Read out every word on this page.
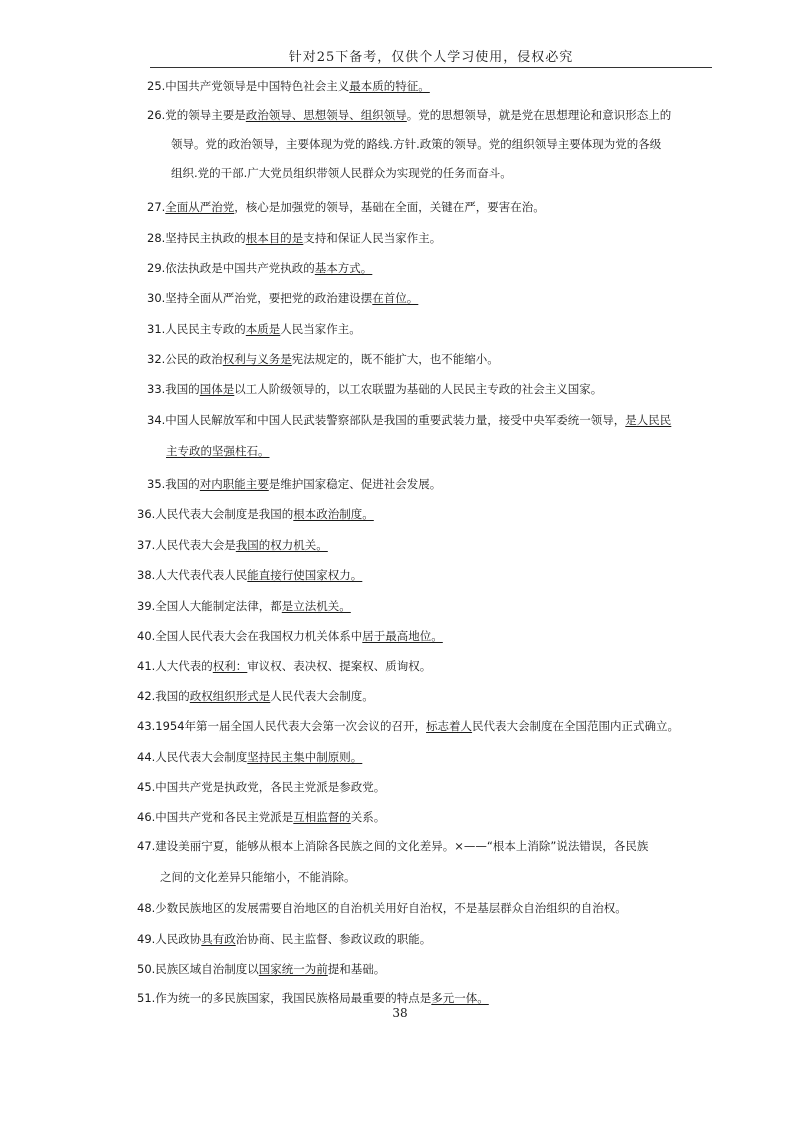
针对25下备考，仅供个人学习使用，侵权必究
25.中国共产党领导是中国特色社会主义最本质的特征。
26.党的领导主要是政治领导、思想领导、组织领导。党的思想领导，就是党在思想理论和意识形态上的
领导。党的政治领导，主要体现为党的路线.方针.政策的领导。党的组织领导主要体现为党的各级
组织.党的干部.广大党员组织带领人民群众为实现党的任务而奋斗。
27.全面从严治党，核心是加强党的领导，基础在全面，关键在严，要害在治。
28.坚持民主执政的根本目的是支持和保证人民当家作主。
29.依法执政是中国共产党执政的基本方式。
30.坚持全面从严治党，要把党的政治建设摆在首位。
31.人民民主专政的本质是人民当家作主。
32.公民的政治权利与义务是宪法规定的，既不能扩大，也不能缩小。
33.我国的国体是以工人阶级领导的，以工农联盟为基础的人民民主专政的社会主义国家。
34.中国人民解放军和中国人民武装警察部队是我国的重要武装力量，接受中央军委统一领导，是人民民
主专政的坚强柱石。
35.我国的对内职能主要是维护国家稳定、促进社会发展。
36.人民代表大会制度是我国的根本政治制度。
37.人民代表大会是我国的权力机关。
38.人大代表代表人民能直接行使国家权力。
39.全国人大能制定法律，都是立法机关。
40.全国人民代表大会在我国权力机关体系中居于最高地位。
41.人大代表的权利：审议权、表决权、提案权、质询权。
42.我国的政权组织形式是人民代表大会制度。
43.1954年第一届全国人民代表大会第一次会议的召开，标志着人民代表大会制度在全国范围内正式确立。
44.人民代表大会制度坚持民主集中制原则。
45.中国共产党是执政党，各民主党派是参政党。
46.中国共产党和各民主党派是互相监督的关系。
47.建设美丽宁夏，能够从根本上消除各民族之间的文化差异。×——“根本上消除”说法错误，各民族
之间的文化差异只能缩小，不能消除。
48.少数民族地区的发展需要自治地区的自治机关用好自治权，不是基层群众自治组织的自治权。
49.人民政协具有政治协商、民主监督、参政议政的职能。
50.民族区域自治制度以国家统一为前提和基础。
51.作为统一的多民族国家，我国民族格局最重要的特点是多元一体。
38
